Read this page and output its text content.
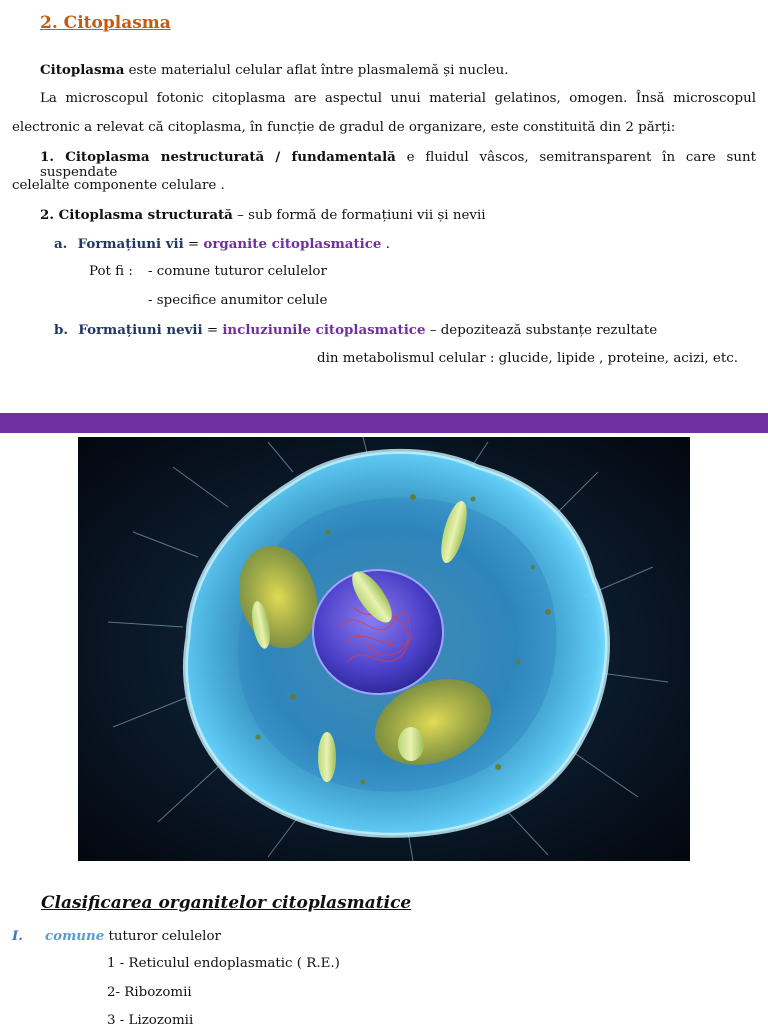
2. Citoplasma
Citoplasma este materialul celular aflat între plasmalemă și nucleu.
La microscopul fotonic citoplasma are aspectul unui material gelatinos, omogen. Însă microscopul
electronic a relevat că citoplasma, în funcție de gradul de organizare, este constituită din 2 părți:
1. Citoplasma nestructurată / fundamentală e fluidul vâscos, semitransparent în care sunt suspendate
celelalte componente celulare .
2. Citoplasma structurată – sub formă de formațiuni vii și nevii
a. Formațiuni vii = organite citoplasmatice .
Pot fi : - comune tuturor celulelor
- specifice anumitor celule
b. Formațiuni nevii = incluziunile citoplasmatice – depozitează substanțe rezultate
din metabolismul celular : glucide, lipide , proteine, acizi, etc.
Clasificarea organitelor citoplasmatice
I. comune tuturor celulelor
1 - Reticulul endoplasmatic ( R.E.)
2- Ribozomii
3 - Lizozomii
